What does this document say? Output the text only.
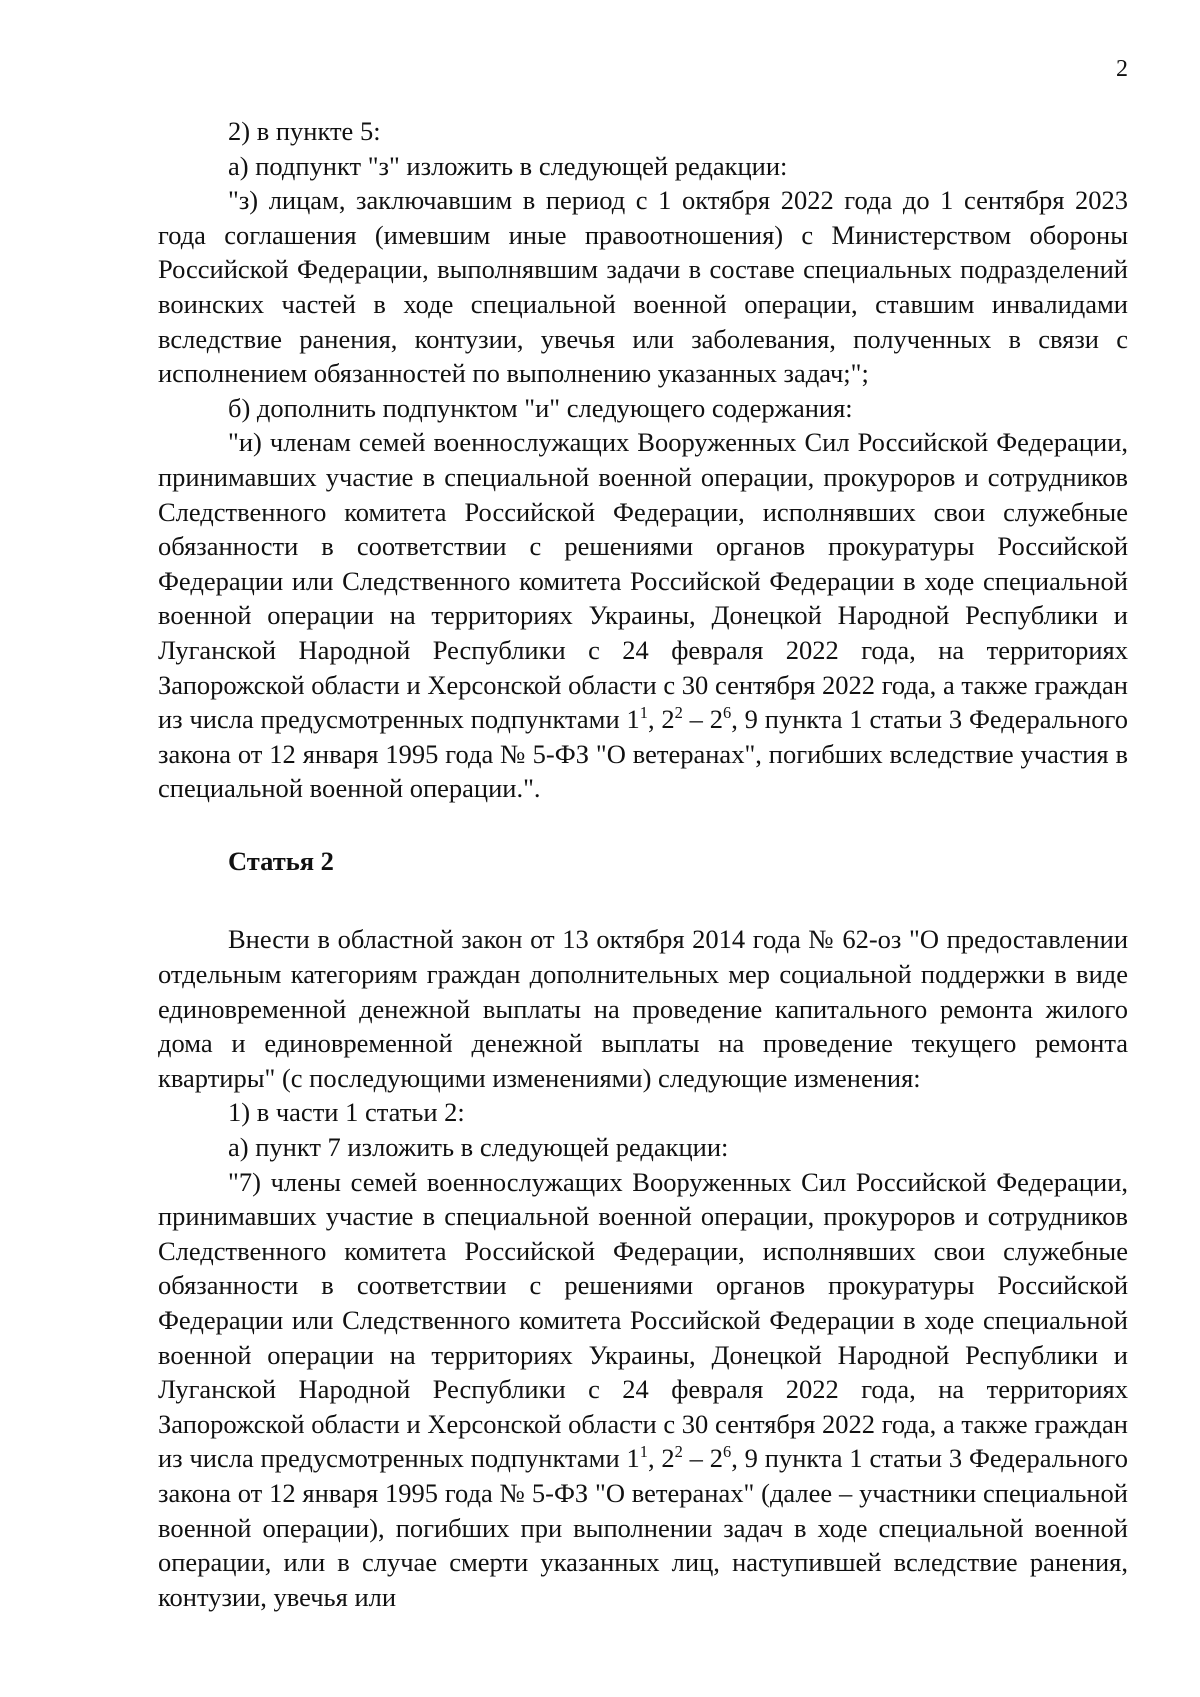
2
2) в пункте 5:
а) подпункт "з" изложить в следующей редакции:
"з) лицам, заключавшим в период с 1 октября 2022 года до 1 сентября 2023 года соглашения (имевшим иные правоотношения) с Министерством обороны Российской Федерации, выполнявшим задачи в составе специальных подразделений воинских частей в ходе специальной военной операции, ставшим инвалидами вследствие ранения, контузии, увечья или заболевания, полученных в связи с исполнением обязанностей по выполнению указанных задач;";
б) дополнить подпунктом "и" следующего содержания:
"и) членам семей военнослужащих Вооруженных Сил Российской Федерации, принимавших участие в специальной военной операции, прокуроров и сотрудников Следственного комитета Российской Федерации, исполнявших свои служебные обязанности в соответствии с решениями органов прокуратуры Российской Федерации или Следственного комитета Российской Федерации в ходе специальной военной операции на территориях Украины, Донецкой Народной Республики и Луганской Народной Республики с 24 февраля 2022 года, на территориях Запорожской области и Херсонской области с 30 сентября 2022 года, а также граждан из числа предусмотренных подпунктами $1^1$, $2^2 - 2^6$, 9 пункта 1 статьи 3 Федерального закона от 12 января 1995 года № 5-ФЗ "О ветеранах", погибших вследствие участия в специальной военной операции.".
Статья 2
Внести в областной закон от 13 октября 2014 года № 62-оз "О предоставлении отдельным категориям граждан дополнительных мер социальной поддержки в виде единовременной денежной выплаты на проведение капитального ремонта жилого дома и единовременной денежной выплаты на проведение текущего ремонта квартиры" (с последующими изменениями) следующие изменения:
1) в части 1 статьи 2:
а) пункт 7 изложить в следующей редакции:
"7) члены семей военнослужащих Вооруженных Сил Российской Федерации, принимавших участие в специальной военной операции, прокуроров и сотрудников Следственного комитета Российской Федерации, исполнявших свои служебные обязанности в соответствии с решениями органов прокуратуры Российской Федерации или Следственного комитета Российской Федерации в ходе специальной военной операции на территориях Украины, Донецкой Народной Республики и Луганской Народной Республики с 24 февраля 2022 года, на территориях Запорожской области и Херсонской области с 30 сентября 2022 года, а также граждан из числа предусмотренных подпунктами $1^1$, $2^2 - 2^6$, 9 пункта 1 статьи 3 Федерального закона от 12 января 1995 года № 5-ФЗ "О ветеранах" (далее – участники специальной военной операции), погибших при выполнении задач в ходе специальной военной операции, или в случае смерти указанных лиц, наступившей вследствие ранения, контузии, увечья или
